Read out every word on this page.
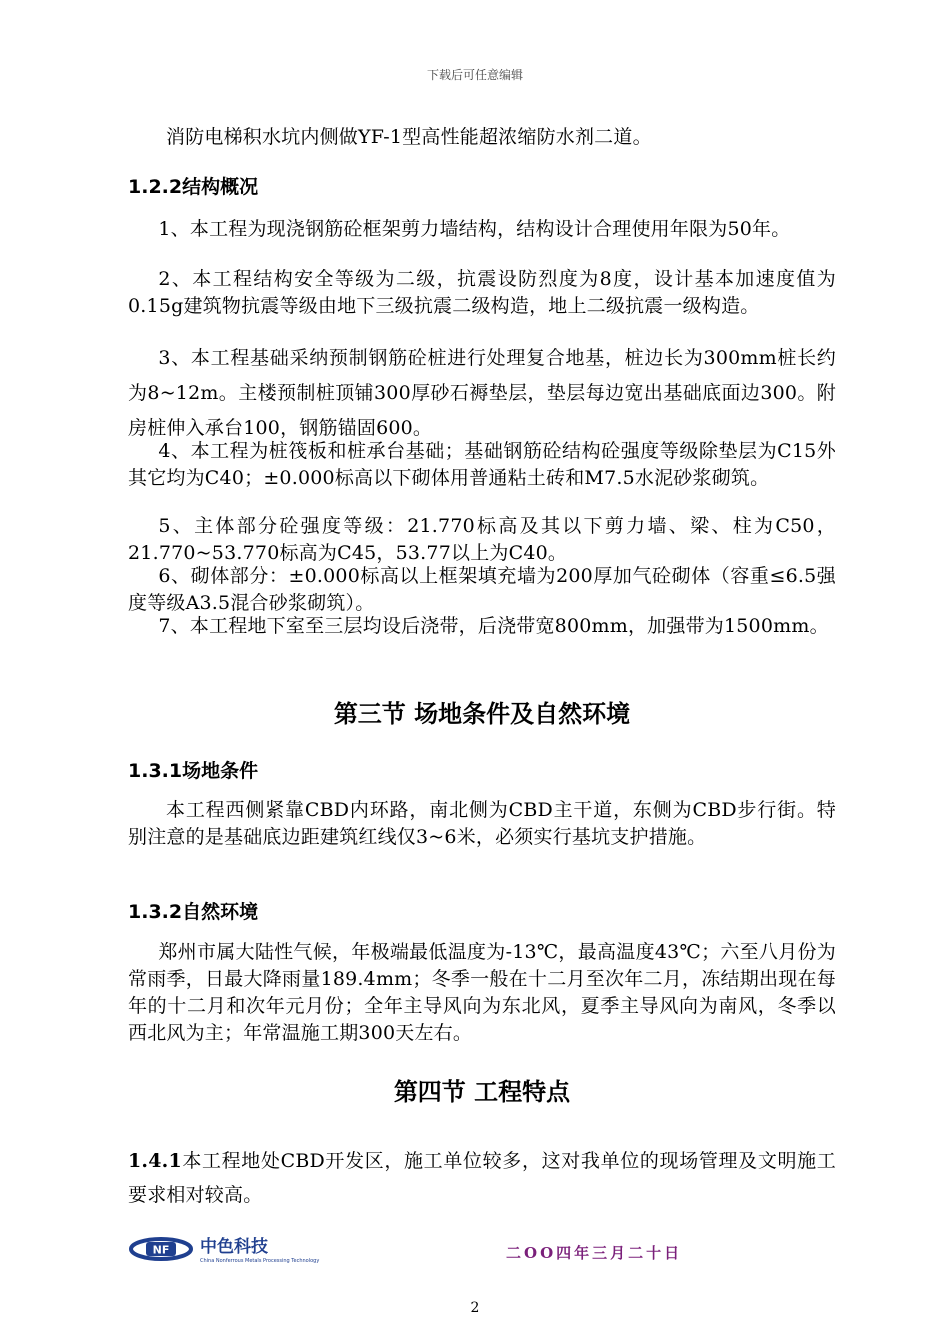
下载后可任意编辑
消防电梯积水坑内侧做YF-1型高性能超浓缩防水剂二道。
1.2.2结构概况
1、本工程为现浇钢筋砼框架剪力墙结构，结构设计合理使用年限为50年。
2、本工程结构安全等级为二级，抗震设防烈度为8度，设计基本加速度值为0.15g建筑物抗震等级由地下三级抗震二级构造，地上二级抗震一级构造。
3、本工程基础采纳预制钢筋砼桩进行处理复合地基，桩边长为300mm桩长约为8~12m。主楼预制桩顶铺300厚砂石褥垫层，垫层每边宽出基础底面边300。附房桩伸入承台100，钢筋锚固600。
4、本工程为桩筏板和桩承台基础；基础钢筋砼结构砼强度等级除垫层为C15外其它均为C40；±0.000标高以下砌体用普通粘土砖和M7.5水泥砂浆砌筑。
5、主体部分砼强度等级：21.770标高及其以下剪力墙、梁、柱为C50，21.770~53.770标高为C45，53.77以上为C40。
6、砌体部分：±0.000标高以上框架填充墙为200厚加气砼砌体（容重≤6.5强度等级A3.5混合砂浆砌筑）。
7、本工程地下室至三层均设后浇带，后浇带宽800mm，加强带为1500mm。
第三节 场地条件及自然环境
1.3.1场地条件
本工程西侧紧靠CBD内环路，南北侧为CBD主干道，东侧为CBD步行街。特别注意的是基础底边距建筑红线仅3~6米，必须实行基坑支护措施。
1.3.2自然环境
郑州市属大陆性气候，年极端最低温度为-13℃，最高温度43℃；六至八月份为常雨季，日最大降雨量189.4mm；冬季一般在十二月至次年二月，冻结期出现在每年的十二月和次年元月份；全年主导风向为东北风，夏季主导风向为南风，冬季以西北风为主；年常温施工期300天左右。
第四节 工程特点
1.4.1本工程地处CBD开发区，施工单位较多，这对我单位的现场管理及文明施工要求相对较高。
NF 中色科技
China Nonferrous Metals Processing Technology	二OO四年三月二十日
2
